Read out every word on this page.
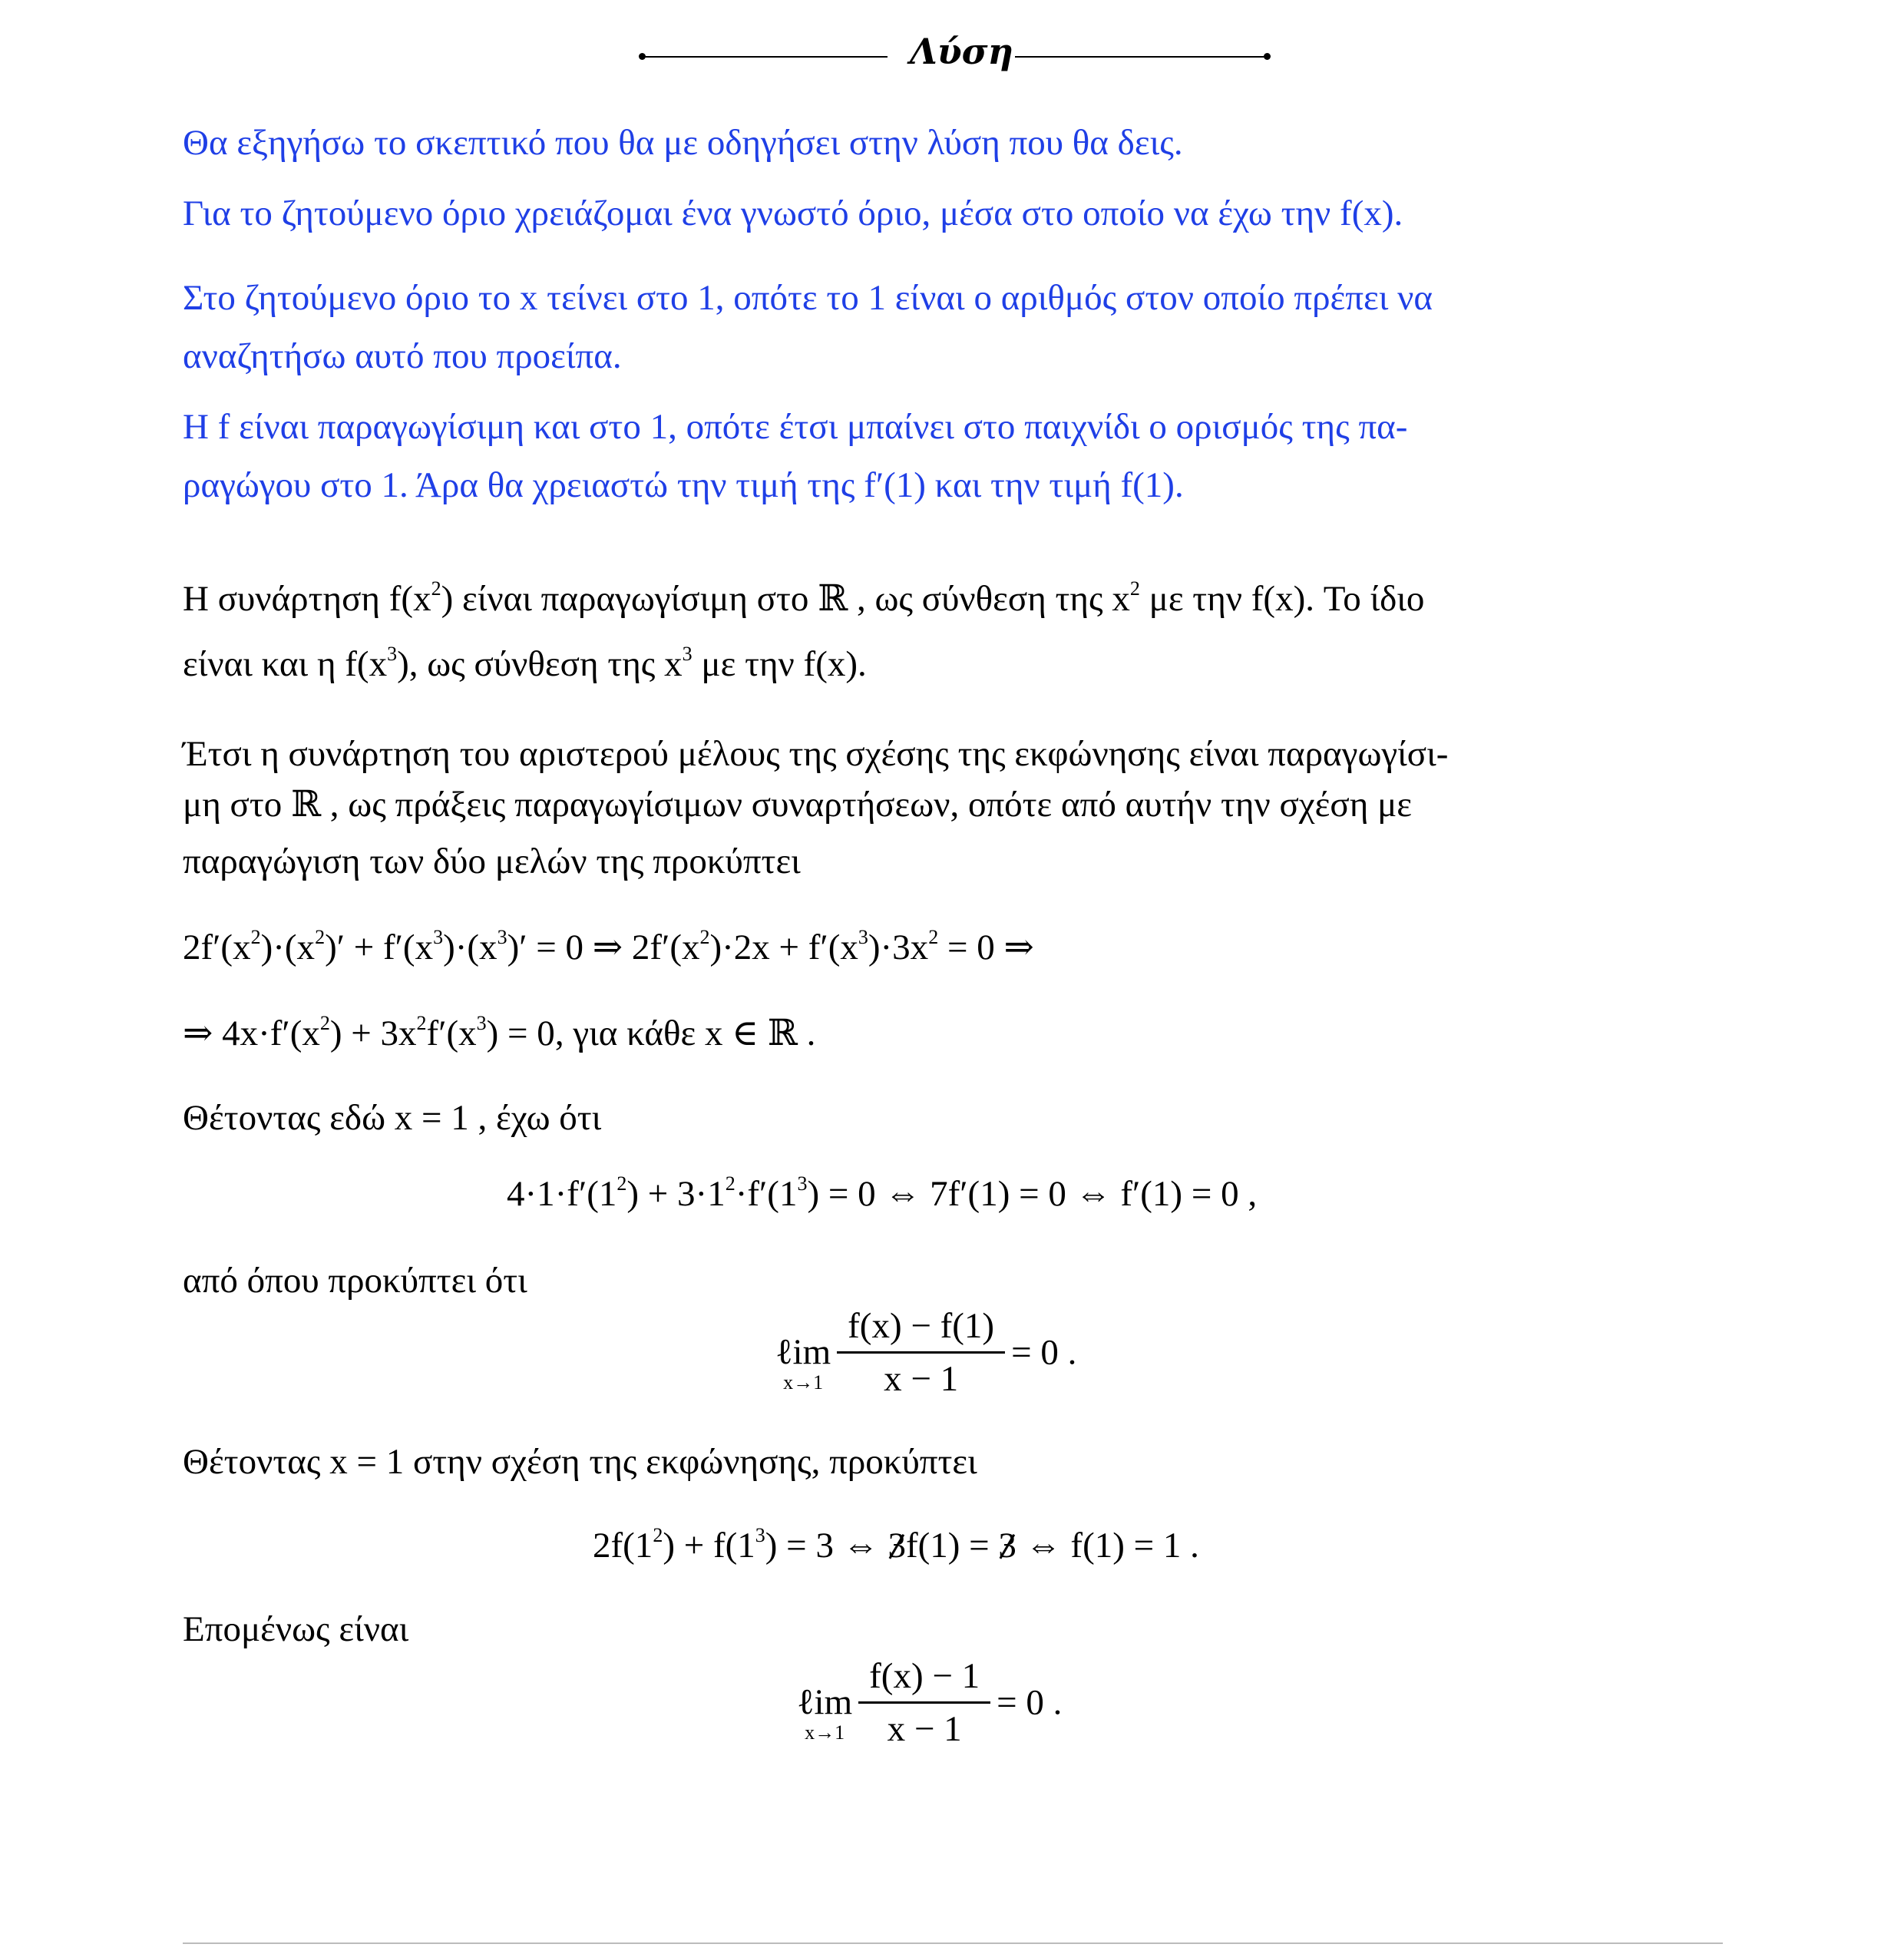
Λύση

Θα εξηγήσω το σκεπτικό που θα με οδηγήσει στην λύση που θα δεις.

Για το ζητούμενο όριο χρειάζομαι ένα γνωστό όριο, μέσα στο οποίο να έχω την f(x).

Στο ζητούμενο όριο το x τείνει στο 1, οπότε το 1 είναι ο αριθμός στον οποίο πρέπει να

αναζητήσω αυτό που προείπα.

Η f είναι παραγωγίσιμη και στο 1, οπότε έτσι μπαίνει στο παιχνίδι ο ορισμός της πα-

ραγώγου στο 1. Άρα θα χρειαστώ την τιμή της f′(1) και την τιμή f(1).

Η συνάρτηση $f(x^2)$ είναι παραγωγίσιμη στο ℝ , ως σύνθεση της $x^2$ με την f(x). Το ίδιο
είναι και η $f(x^3)$, ως σύνθεση της $x^3$ με την f(x).

Έτσι η συνάρτηση του αριστερού μέλους της σχέσης της εκφώνησης είναι παραγωγίσι-

μη στο ℝ , ως πράξεις παραγωγίσιμων συναρτήσεων, οπότε από αυτήν την σχέση με

παραγώγιση των δύο μελών της προκύπτει

$2f'(x^2)\cdot(x^2)' + f'(x^3)\cdot(x^3)' = 0$ ⇒ $2f'(x^2)\cdot 2x + f'(x^3)\cdot 3x^2 = 0$ ⇒
⇒ $4x\cdot f'(x^2) + 3x^2f'(x^3) = 0$, για κάθε x ∈ ℝ .

Θέτοντας εδώ x = 1 , έχω ότι

$4\cdot 1\cdot f'(1^2) + 3\cdot 1^2\cdot f'(1^3) = 0$ ⇔ 7f′(1) = 0 ⇔ f′(1) = 0 ,

από όπου προκύπτει ότι

ℓim
$x\to 1 \frac{f(x) - f(1)}{x - 1} = 0$ .

Θέτοντας x = 1 στην σχέση της εκφώνησης, προκύπτει

$2f(1^2) + f(1^3) = 3$ ⇔ 3f(1) = 3 ⇔ f(1) = 1 .

Επομένως είναι

ℓim
$x\to 1 \frac{f(x) - 1}{x - 1} = 0$ .
